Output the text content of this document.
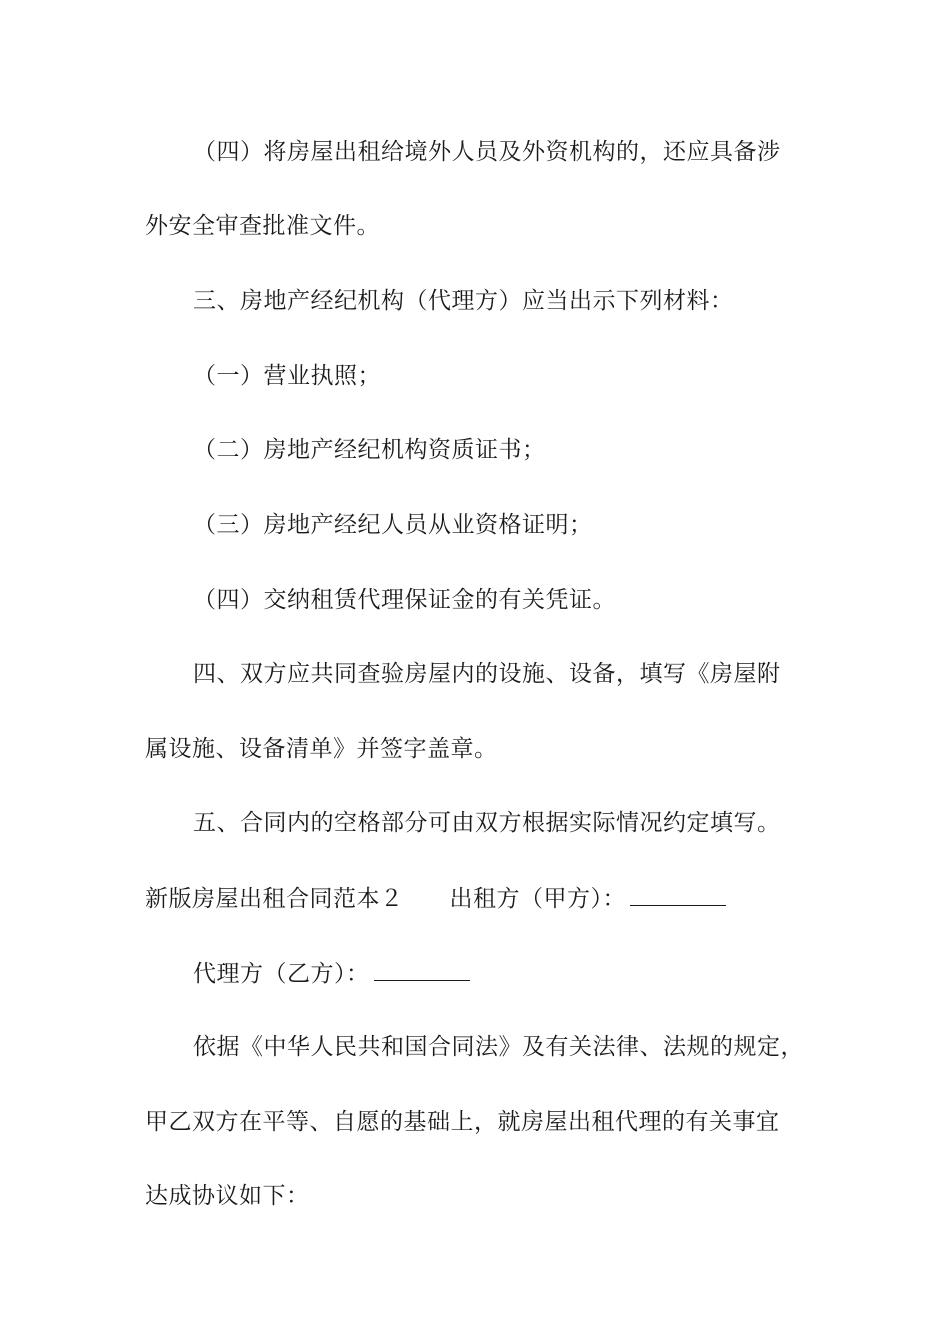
（四）将房屋出租给境外人员及外资机构的，还应具备涉
外安全审查批准文件。
三、房地产经纪机构（代理方）应当出示下列材料：
（一）营业执照；
（二）房地产经纪机构资质证书；
（三）房地产经纪人员从业资格证明；
（四）交纳租赁代理保证金的有关凭证。
四、双方应共同查验房屋内的设施、设备，填写《房屋附
属设施、设备清单》并签字盖章。
五、合同内的空格部分可由双方根据实际情况约定填写。
新版房屋出租合同范本２ 出租方（甲方）：
代理方（乙方）：
依据《中华人民共和国合同法》及有关法律、法规的规定，
甲乙双方在平等、自愿的基础上，就房屋出租代理的有关事宜
达成协议如下：
